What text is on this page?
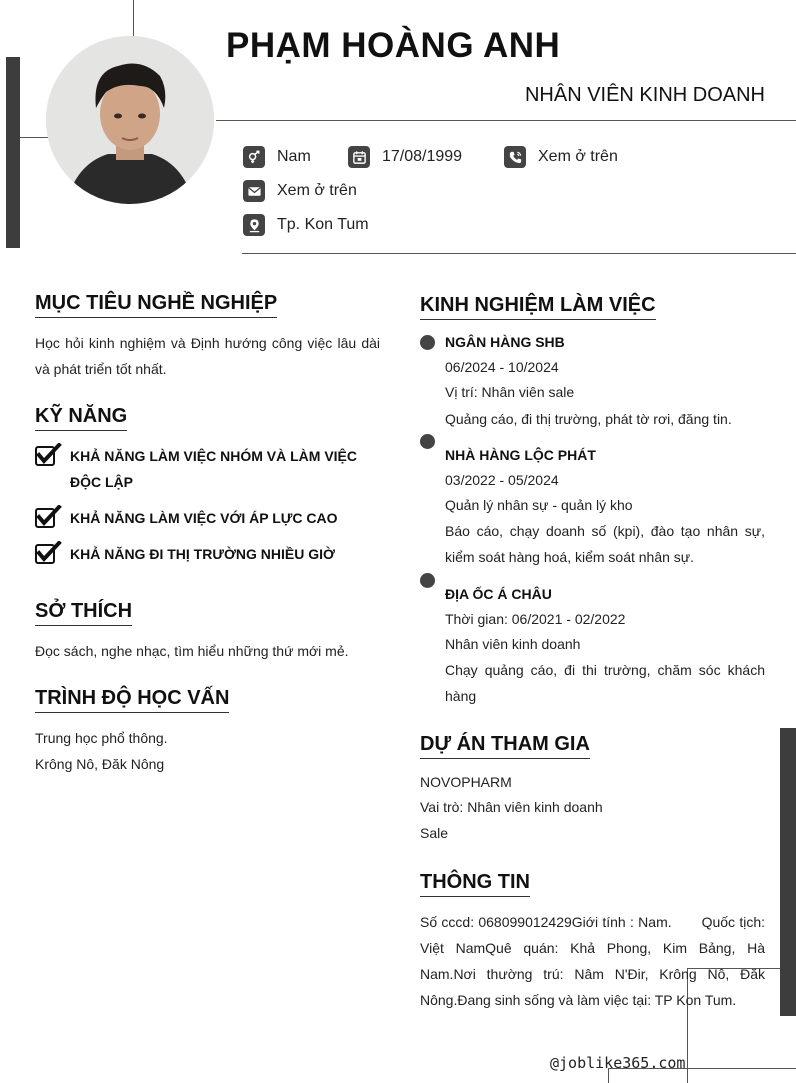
PHẠM HOÀNG ANH
NHÂN VIÊN KINH DOANH
Nam	17/08/1999	Xem ở trên
Xem ở trên
Tp. Kon Tum
MỤC TIÊU NGHỀ NGHIỆP
Học hỏi kinh nghiệm và Định hướng công việc lâu dài và phát triển tốt nhất.
KỸ NĂNG
KHẢ NĂNG LÀM VIỆC NHÓM VÀ LÀM VIỆC ĐỘC LẬP
KHẢ NĂNG LÀM VIỆC VỚI ÁP LỰC CAO
KHẢ NĂNG ĐI THỊ TRƯỜNG NHIỀU GIỜ
SỞ THÍCH
Đọc sách, nghe nhạc, tìm hiểu những thứ mới mẻ.
TRÌNH ĐỘ HỌC VẤN
Trung học phổ thông.
Krông Nô, Đăk Nông
KINH NGHIỆM LÀM VIỆC
NGÂN HÀNG SHB
06/2024 - 10/2024
Vị trí: Nhân viên sale
Quảng cáo, đi thị trường, phát tờ rơi, đăng tin.
NHÀ HÀNG LỘC PHÁT
03/2022 - 05/2024
Quản lý nhân sự - quản lý kho
Báo cáo, chạy doanh số (kpi), đào tạo nhân sự, kiểm soát hàng hoá, kiểm soát nhân sự.
ĐỊA ỐC Á CHÂU
Thời gian: 06/2021 - 02/2022
Nhân viên kinh doanh
Chạy quảng cáo, đi thi trường, chăm sóc khách hàng
DỰ ÁN THAM GIA
NOVOPHARM
Vai trò: Nhân viên kinh doanh
Sale
THÔNG TIN
Số cccd: 068099012429Giới tính : Nam.       Quốc tịch: Việt NamQuê quán: Khả Phong, Kim Bảng, Hà Nam.Nơi thường trú: Nâm N'Đir, Krông Nô, Đăk Nông.Đang sinh sống và làm việc tại: TP Kon Tum.
@joblike365.com
